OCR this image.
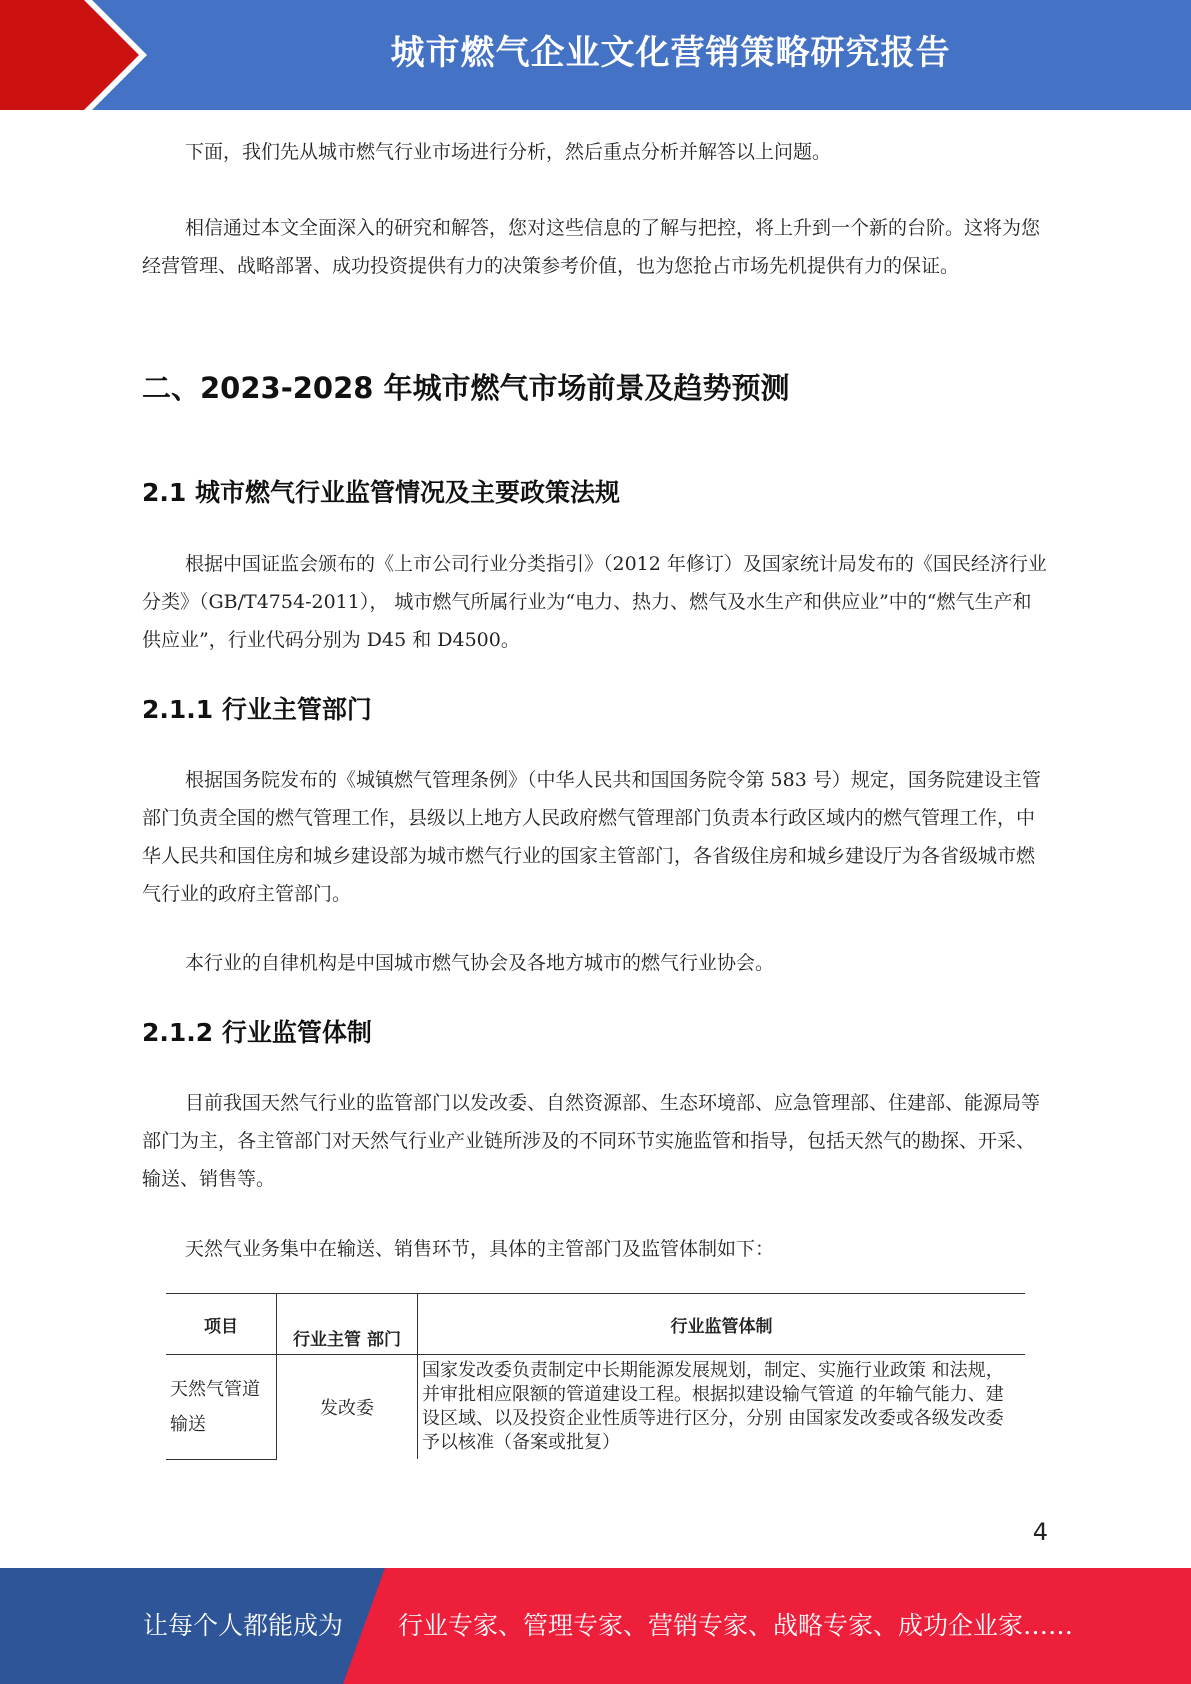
城市燃气企业文化营销策略研究报告

下面，我们先从城市燃气行业市场进行分析，然后重点分析并解答以上问题。

相信通过本文全面深入的研究和解答，您对这些信息的了解与把控，将上升到一个新的台阶。这将为您经营管理、战略部署、成功投资提供有力的决策参考价值，也为您抢占市场先机提供有力的保证。

二、2023-2028 年城市燃气市场前景及趋势预测
2.1 城市燃气行业监管情况及主要政策法规

根据中国证监会颁布的《上市公司行业分类指引》（2012 年修订）及国家统计局发布的《国民经济行业分类》（GB/T4754-2011）， 城市燃气所属行业为“电力、热力、燃气及水生产和供应业”中的“燃气生产和供应业”，行业代码分别为 D45 和 D4500。

2.1.1 行业主管部门

根据国务院发布的《城镇燃气管理条例》（中华人民共和国国务院令第 583 号）规定，国务院建设主管部门负责全国的燃气管理工作，县级以上地方人民政府燃气管理部门负责本行政区域内的燃气管理工作，中华人民共和国住房和城乡建设部为城市燃气行业的国家主管部门，各省级住房和城乡建设厅为各省级城市燃气行业的政府主管部门。

本行业的自律机构是中国城市燃气协会及各地方城市的燃气行业协会。

2.1.2 行业监管体制

目前我国天然气行业的监管部门以发改委、自然资源部、生态环境部、应急管理部、住建部、能源局等部门为主，各主管部门对天然气行业产业链所涉及的不同环节实施监管和指导，包括天然气的勘探、开采、输送、销售等。

天然气业务集中在输送、销售环节，具体的主管部门及监管体制如下：

项目	行业主管 部门	行业监管体制
天然气管道输送	发改委	国家发改委负责制定中长期能源发展规划，制定、实施行业政策 和法规，并审批相应限额的管道建设工程。根据拟建设输气管道 的年输气能力、建设区域、以及投资企业性质等进行区分，分别 由国家发改委或各级发改委予以核准（备案或批复）
4
让每个人都能成为 行业专家、管理专家、营销专家、战略专家、成功企业家……
